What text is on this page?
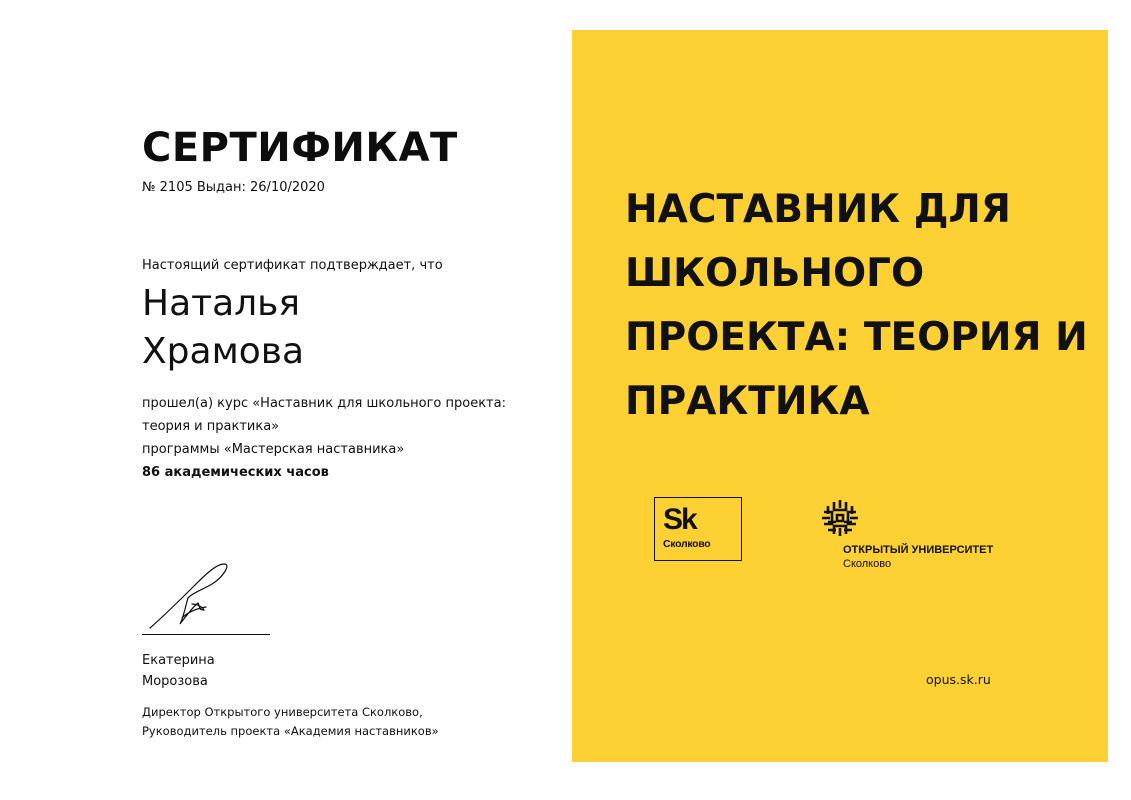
СЕРТИФИКАТ
№ 2105 Выдан: 26/10/2020
Настоящий сертификат подтверждает, что
Наталья
Храмова
прошел(а) курс «Наставник для школьного проекта:
теория и практика»
программы «Мастерская наставника»
86 академических часов
Екатерина
Морозова
Директор Открытого университета Сколково,
Руководитель проекта «Академия наставников»
НАСТАВНИК ДЛЯ
ШКОЛЬНОГО
ПРОЕКТА: ТЕОРИЯ И
ПРАКТИКА
Sk
Сколково	ОТКРЫТЫЙ УНИВЕРСИТЕТ
Сколково
opus.sk.ru
